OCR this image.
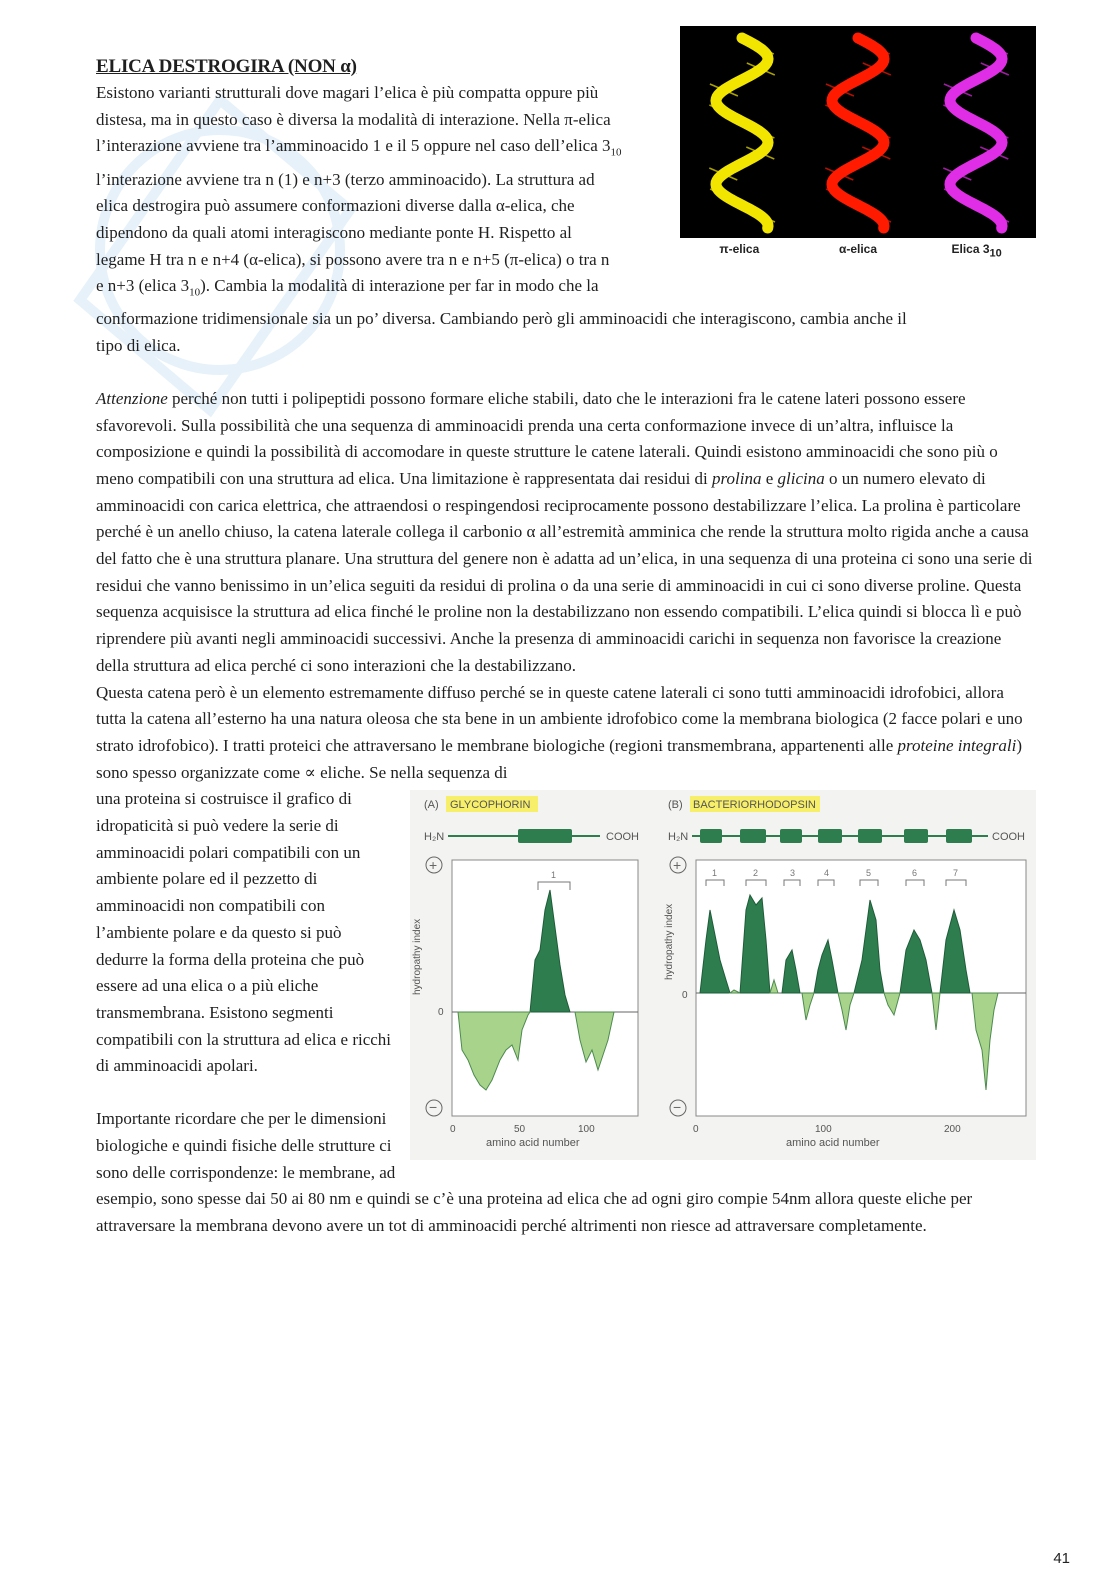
π-elica	α-elica	Elica $3_{10}$
ELICA DESTROGIRA (NON α)

Esistono varianti strutturali dove magari l’elica è più compatta oppure più
distesa, ma in questo caso è diversa la modalità di interazione. Nella π-elica
l’interazione avviene tra l’amminoacido 1 e il 5 oppure nel caso dell’elica $3_{10}$
l’interazione avviene tra n (1) e n+3 (terzo amminoacido). La struttura ad
elica destrogira può assumere conformazioni diverse dalla α-elica, che
dipendono da quali atomi interagiscono mediante ponte H. Rispetto al
legame H tra n e n+4 (α-elica), si possono avere tra n e n+5 (π-elica) o tra n
e n+3 (elica $3_{10}$). Cambia la modalità di interazione per far in modo che la
conformazione tridimensionale sia un po’ diversa. Cambiando però gli amminoacidi che interagiscono, cambia anche il
tipo di elica.

Attenzione perché non tutti i polipeptidi possono formare eliche stabili, dato che le interazioni fra le catene lateri possono essere sfavorevoli. Sulla possibilità che una sequenza di amminoacidi prenda una certa conformazione invece di un’altra, influisce la composizione e quindi la possibilità di accomodare in queste strutture le catene laterali. Quindi esistono amminoacidi che sono più o meno compatibili con una struttura ad elica. Una limitazione è rappresentata dai residui di prolina e glicina o un numero elevato di amminoacidi con carica elettrica, che attraendosi o respingendosi reciprocamente possono destabilizzare l’elica. La prolina è particolare perché è un anello chiuso, la catena laterale collega il carbonio α all’estremità amminica che rende la struttura molto rigida anche a causa del fatto che è una struttura planare. Una struttura del genere non è adatta ad un’elica, in una sequenza di una proteina ci sono una serie di residui che vanno benissimo in un’elica seguiti da residui di prolina o da una serie di amminoacidi in cui ci sono diverse proline. Questa sequenza acquisisce la struttura ad elica finché le proline non la destabilizzano non essendo compatibili. L’elica quindi si blocca lì e può riprendere più avanti negli amminoacidi successivi. Anche la presenza di amminoacidi carichi in sequenza non favorisce la creazione della struttura ad elica perché ci sono interazioni che la destabilizzano.

Questa catena però è un elemento estremamente diffuso perché se in queste catene laterali ci sono tutti amminoacidi idrofobici, allora tutta la catena all’esterno ha una natura oleosa che sta bene in un ambiente idrofobico come la membrana biologica (2 facce polari e uno strato idrofobico). I tratti proteici che attraversano le membrane biologiche (regioni transmembrana, appartenenti alle proteine integrali) sono spesso organizzate come ∝ eliche. Se nella sequenza di

(A) GLYCOPHORIN
H₂N	COOH
+
−
hydropathy index
0
1
0	50	100
amino acid number
(B) BACTERIORHODOPSIN
H₂N	COOH
+
−
hydropathy index
0
1	2	3	4	5	6	7
0	100	200
amino acid number

una proteina si costruisce il grafico di idropaticità si può vedere la serie di amminoacidi polari compatibili con un ambiente polare ed il pezzetto di amminoacidi non compatibili con l’ambiente polare e da questo si può dedurre la forma della proteina che può essere ad una elica o a più eliche transmembrana. Esistono segmenti compatibili con la struttura ad elica e ricchi di amminoacidi apolari.

Importante ricordare che per le dimensioni biologiche e quindi fisiche delle strutture ci sono delle corrispondenze: le membrane, ad esempio, sono spesse dai 50 ai 80 nm e quindi se c’è una proteina ad elica che ad ogni giro compie 54nm allora queste eliche per attraversare la membrana devono avere un tot di amminoacidi perché altrimenti non riesce ad attraversare completamente.

41
